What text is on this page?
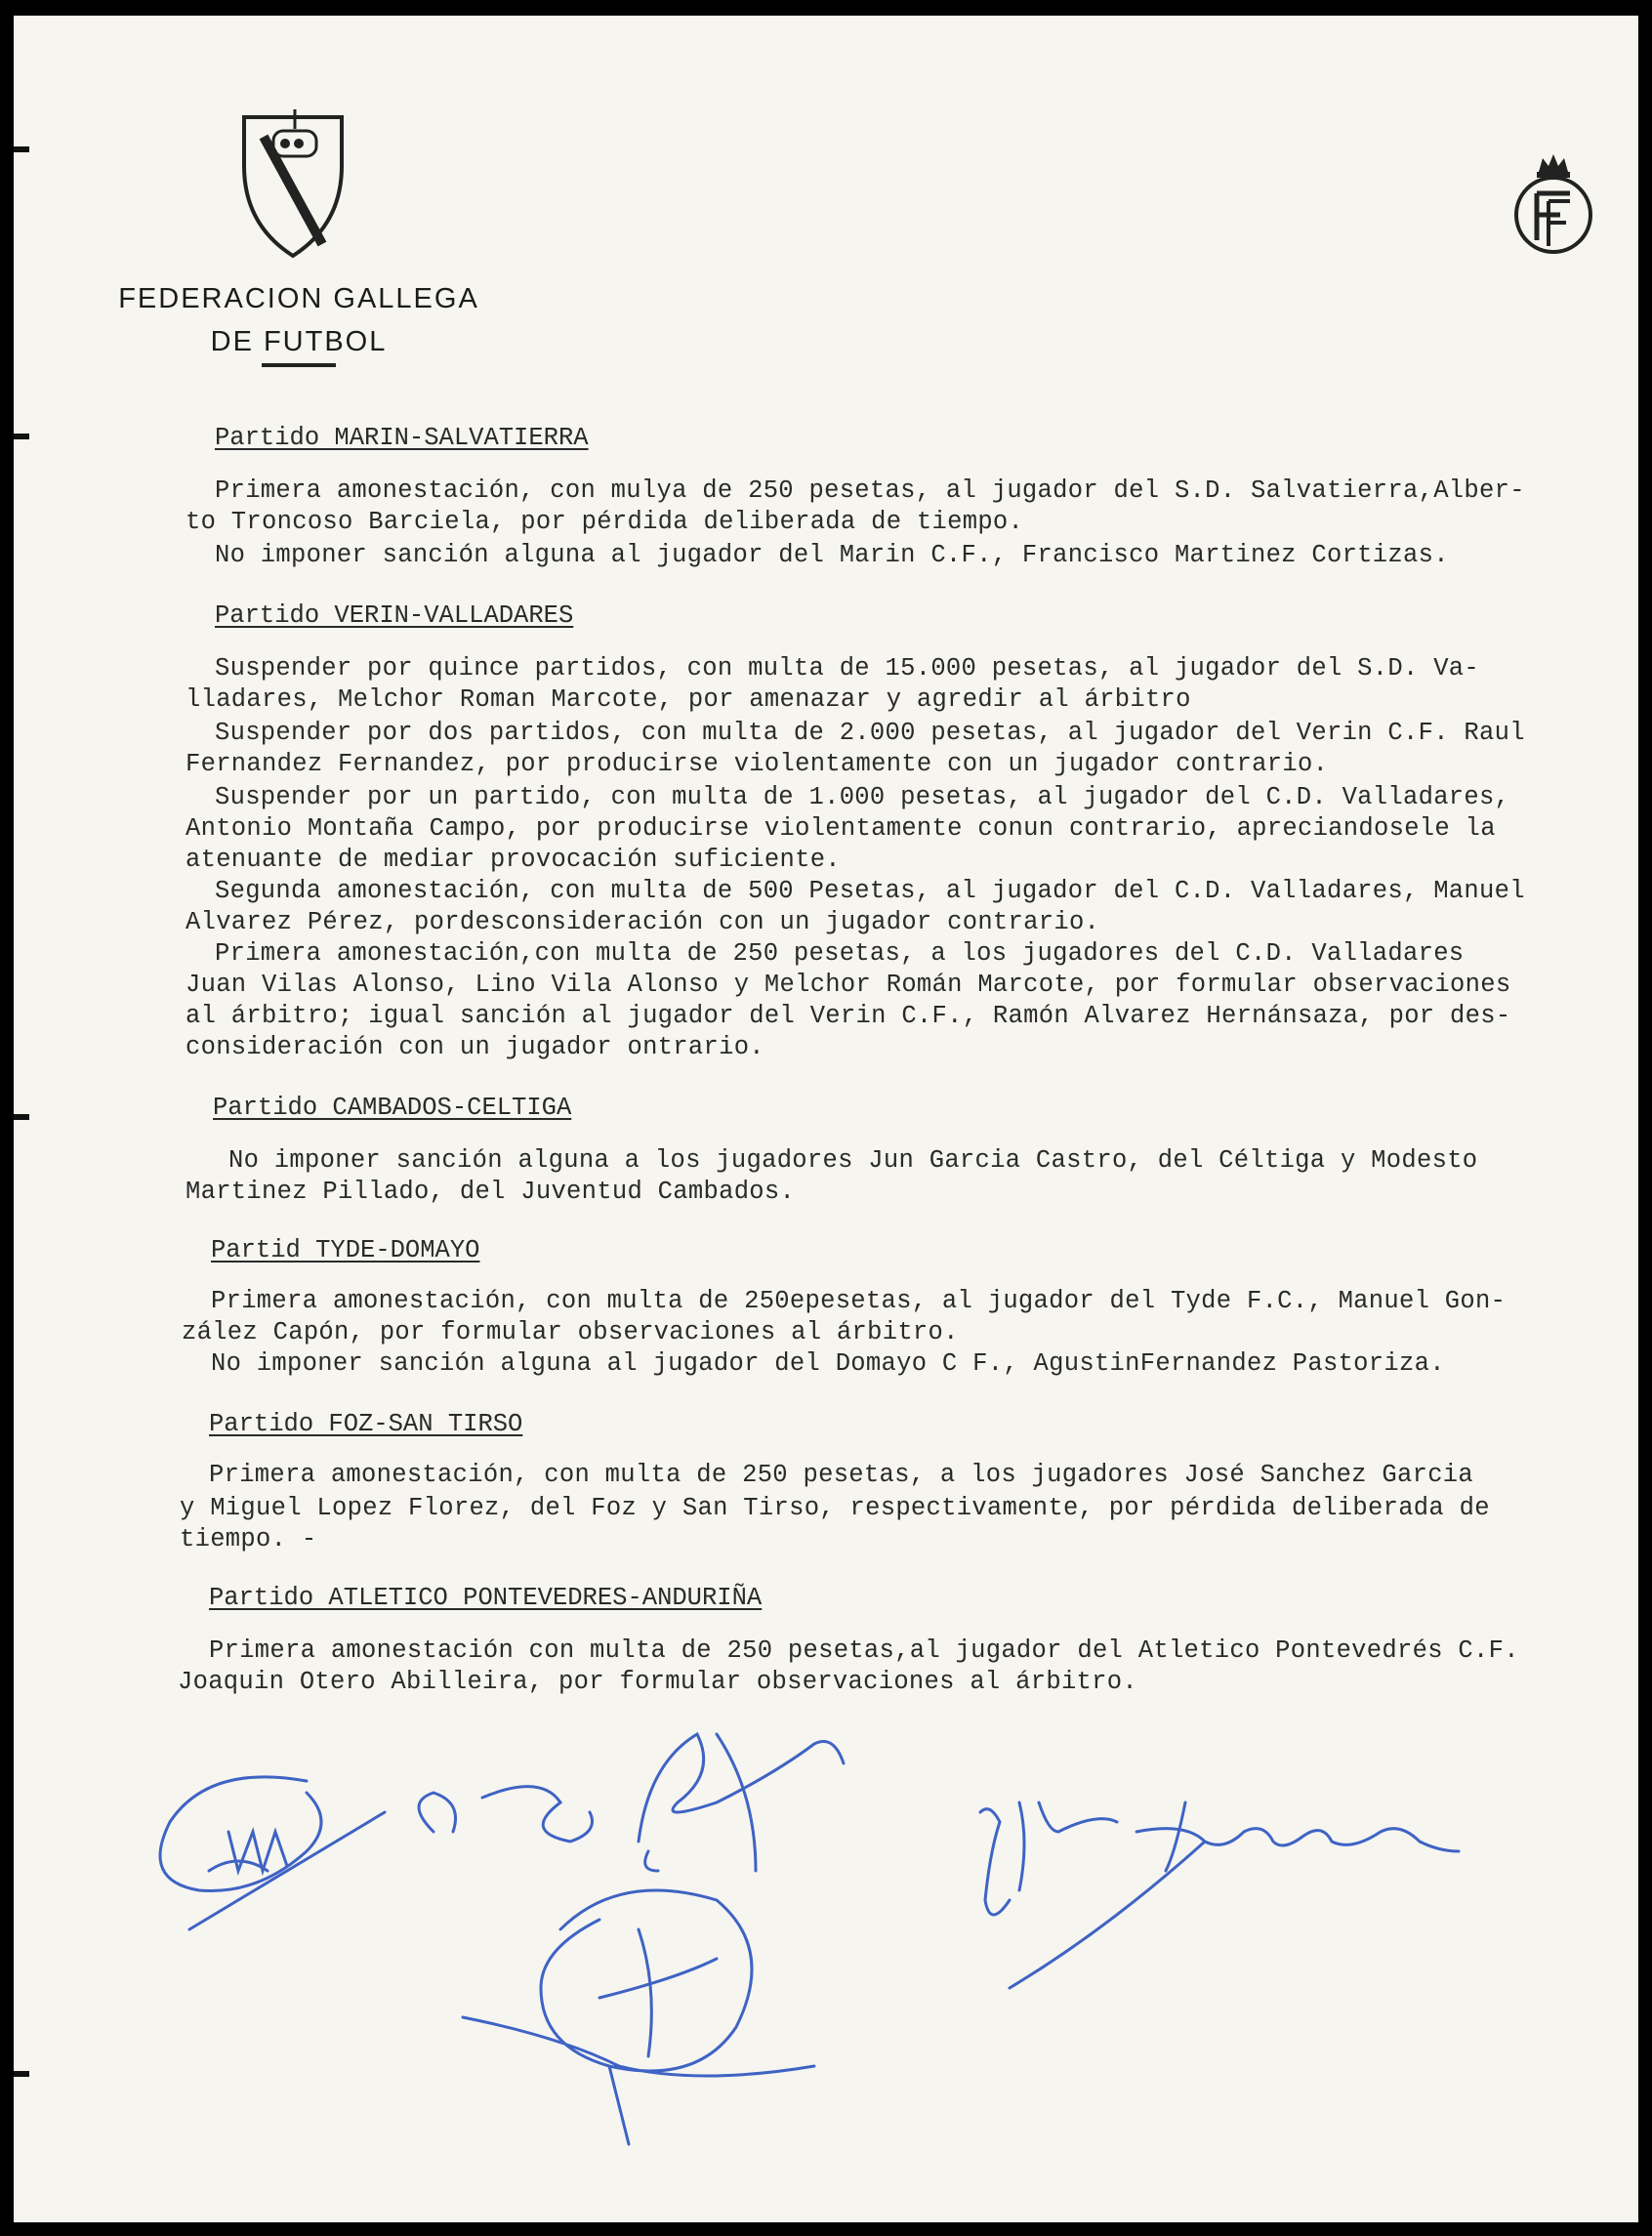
FEDERACION GALLEGA
DE FUTBOL
Partido MARIN-SALVATIERRA
Primera amonestación, con mulya de 250 pesetas, al jugador del S.D. Salvatierra,Alber-
to Troncoso Barciela, por pérdida deliberada de tiempo.
No imponer sanción alguna al jugador del Marin C.F., Francisco Martinez Cortizas.
Partido VERIN-VALLADARES
Suspender por quince partidos, con multa de 15.000 pesetas, al jugador del S.D. Va-
lladares, Melchor Roman Marcote, por amenazar y agredir al árbitro
Suspender por dos partidos, con multa de 2.000 pesetas, al jugador del Verin C.F. Raul
Fernandez Fernandez, por producirse violentamente con un jugador contrario.
Suspender por un partido, con multa de 1.000 pesetas, al jugador del C.D. Valladares,
Antonio Montaña Campo, por producirse violentamente conun contrario, apreciandosele la
atenuante de mediar provocación suficiente.
Segunda amonestación, con multa de 500 Pesetas, al jugador del C.D. Valladares, Manuel
Alvarez Pérez, pordesconsideración con un jugador contrario.
Primera amonestación,con multa de 250 pesetas, a los jugadores del C.D. Valladares
Juan Vilas Alonso, Lino Vila Alonso y Melchor Román Marcote, por formular observaciones
al árbitro; igual sanción al jugador del Verin C.F., Ramón Alvarez Hernánsaza, por des-
consideración con un jugador ontrario.
Partido CAMBADOS-CELTIGA
No imponer sanción alguna a los jugadores Jun Garcia Castro, del Céltiga y Modesto
Martinez Pillado, del Juventud Cambados.
Partid TYDE-DOMAYO
Primera amonestación, con multa de 250epesetas, al jugador del Tyde F.C., Manuel Gon-
zález Capón, por formular observaciones al árbitro.
No imponer sanción alguna al jugador del Domayo C F., AgustinFernandez Pastoriza.
Partido FOZ-SAN TIRSO
Primera amonestación, con multa de 250 pesetas, a los jugadores José Sanchez Garcia
y Miguel Lopez Florez, del Foz y San Tirso, respectivamente, por pérdida deliberada de
tiempo. -
Partido ATLETICO PONTEVEDRES-ANDURIÑA
Primera amonestación con multa de 250 pesetas,al jugador del Atletico Pontevedrés C.F.
Joaquin Otero Abilleira, por formular observaciones al árbitro.
